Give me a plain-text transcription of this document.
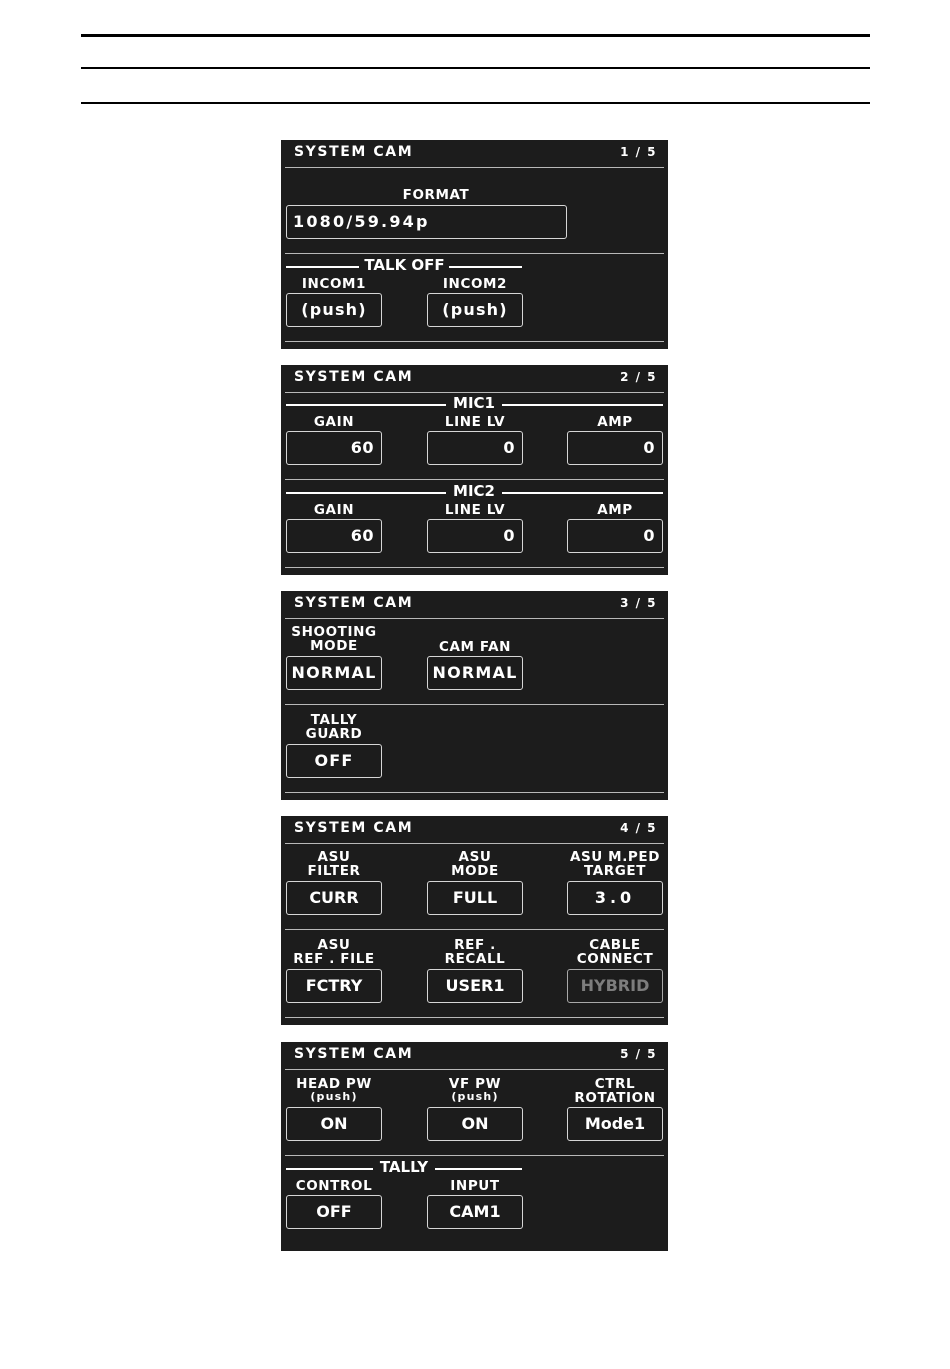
SYSTEM CAM	1 / 5
FORMAT
1080/59.94p
TALK OFF
INCOM1
(push)
INCOM2
(push)
SYSTEM CAM	2 / 5
MIC1
GAIN
60
LINE LV
0
AMP
0
MIC2
GAIN
60
LINE LV
0
AMP
0
SYSTEM CAM	3 / 5
SHOOTING
MODE
NORMAL
CAM FAN
NORMAL
TALLY
GUARD
OFF
SYSTEM CAM	4 / 5
ASU
FILTER
CURR
ASU
MODE
FULL
ASU M.PED
TARGET
3.0
ASU
REF . FILE
FCTRY
REF .
RECALL
USER1
CABLE
CONNECT
HYBRID
SYSTEM CAM	5 / 5
HEAD PW
(push)
ON
VF PW
(push)
ON
CTRL
ROTATION
Mode1
TALLY
CONTROL
OFF
INPUT
CAM1
